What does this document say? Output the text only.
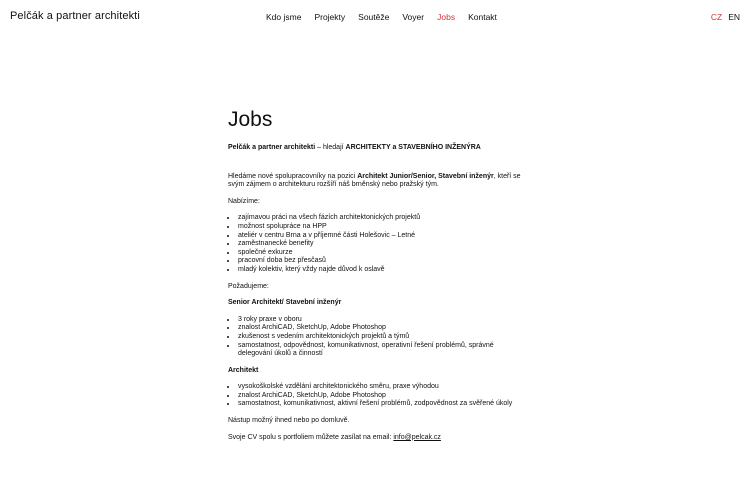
Pelčák a partner architekti	Kdo jsme Projekty Soutěže Voyer Jobs Kontakt	CZ EN
Jobs

Pelčák a partner architekti – hledají ARCHITEKTY a STAVEBNÍHO INŽENÝRA

Hledáme nové spolupracovníky na pozici Architekt Junior/Senior, Stavební inženýr, kteří se svým zájmem o architekturu rozšíří náš brněnský nebo pražský tým.

Nabízíme:

• zajímavou práci na všech fázích architektonických projektů
• možnost spolupráce na HPP
• ateliér v centru Brna a v příjemné části Holešovic – Letné
• zaměstnanecké benefity
• společné exkurze
• pracovní doba bez přesčasů
• mladý kolektiv, který vždy najde důvod k oslavě

Požadujeme:

Senior Architekt/ Stavební inženýr

• 3 roky praxe v oboru
• znalost ArchiCAD, SketchUp, Adobe Photoshop
• zkušenost s vedením architektonických projektů a týmů
• samostatnost, odpovědnost, komunikativnost, operativní řešení problémů, správné delegování úkolů a činností

Architekt

• vysokoškolské vzdělání architektonického směru, praxe výhodou
• znalost ArchiCAD, SketchUp, Adobe Photoshop
• samostatnost, komunikativnost, aktivní řešení problémů, zodpovědnost za svěřené úkoly

Nástup možný ihned nebo po domluvě.

Svoje CV spolu s portfoliem můžete zasílat na email: info@pelcak.cz
